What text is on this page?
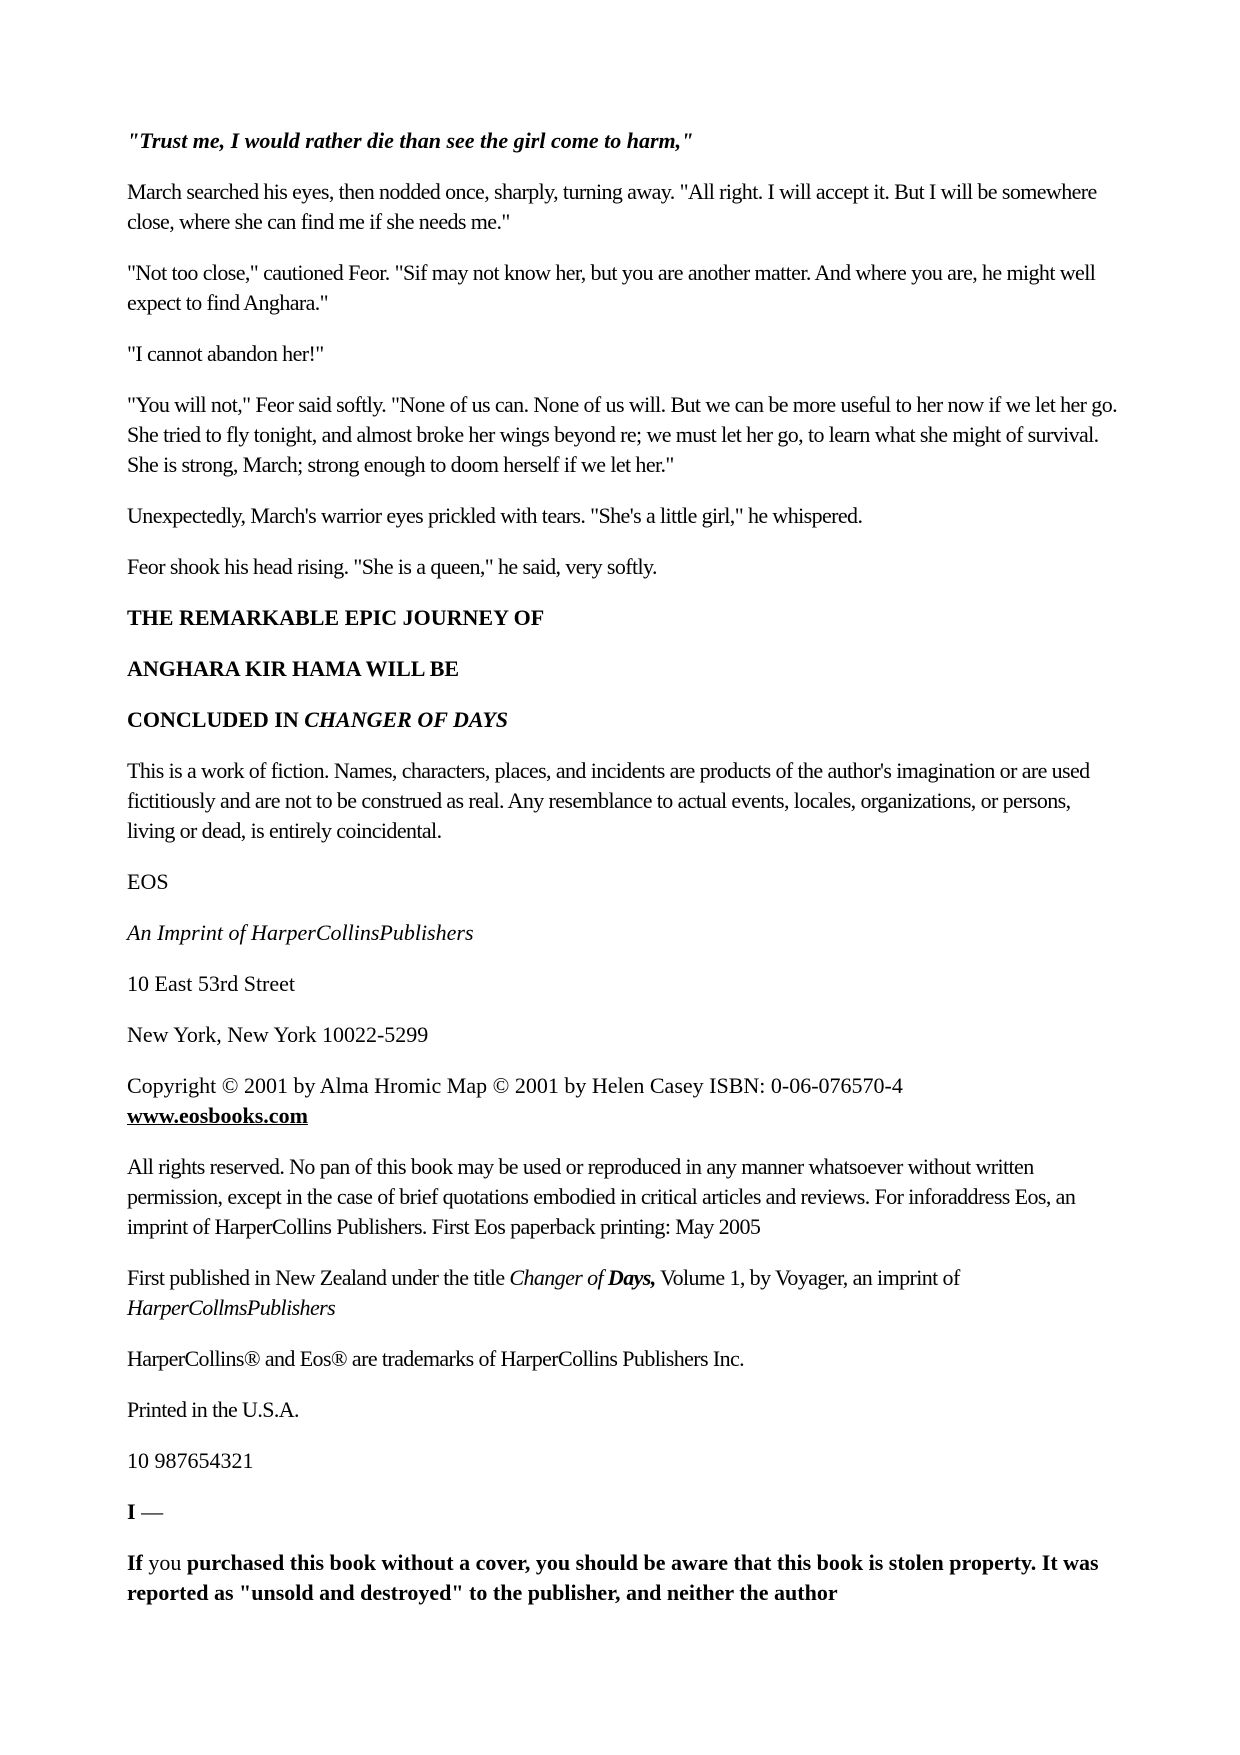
"Trust me, I would rather die than see the girl come to harm,"

March searched his eyes, then nodded once, sharply, turning away. "All right. I will accept it. But I will be somewhere close, where she can find me if she needs me."

"Not too close," cautioned Feor. "Sif may not know her, but you are another matter. And where you are, he might well expect to find Anghara."

"I cannot abandon her!"

"You will not," Feor said softly. "None of us can. None of us will. But we can be more useful to her now if we let her go. She tried to fly tonight, and almost broke her wings beyond re; we must let her go, to learn what she might of survival. She is strong, March; strong enough to doom herself if we let her."

Unexpectedly, March's warrior eyes prickled with tears. "She's a little girl," he whispered.

Feor shook his head rising. "She is a queen," he said, very softly.

THE REMARKABLE EPIC JOURNEY OF

ANGHARA KIR HAMA WILL BE

CONCLUDED IN CHANGER OF DAYS

This is a work of fiction. Names, characters, places, and incidents are products of the author's imagination or are used fictitiously and are not to be construed as real. Any resemblance to actual events, locales, organizations, or persons, living or dead, is entirely coincidental.

EOS

An Imprint of HarperCollinsPublishers

10 East 53rd Street

New York, New York 10022-5299

Copyright © 2001 by Alma Hromic Map © 2001 by Helen Casey ISBN: 0-06-076570-4
www.eosbooks.com

All rights reserved. No pan of this book may be used or reproduced in any manner whatsoever without written permission, except in the case of brief quotations embodied in critical articles and reviews. For inforaddress Eos, an imprint of HarperCollins Publishers. First Eos paperback printing: May 2005

First published in New Zealand under the title Changer of Days, Volume 1, by Voyager, an imprint of HarperCollmsPublishers

HarperCollins® and Eos® are trademarks of HarperCollins Publishers Inc.

Printed in the U.S.A.

10 987654321

I —

If you purchased this book without a cover, you should be aware that this book is stolen property. It was reported as "unsold and destroyed" to the publisher, and neither the author
